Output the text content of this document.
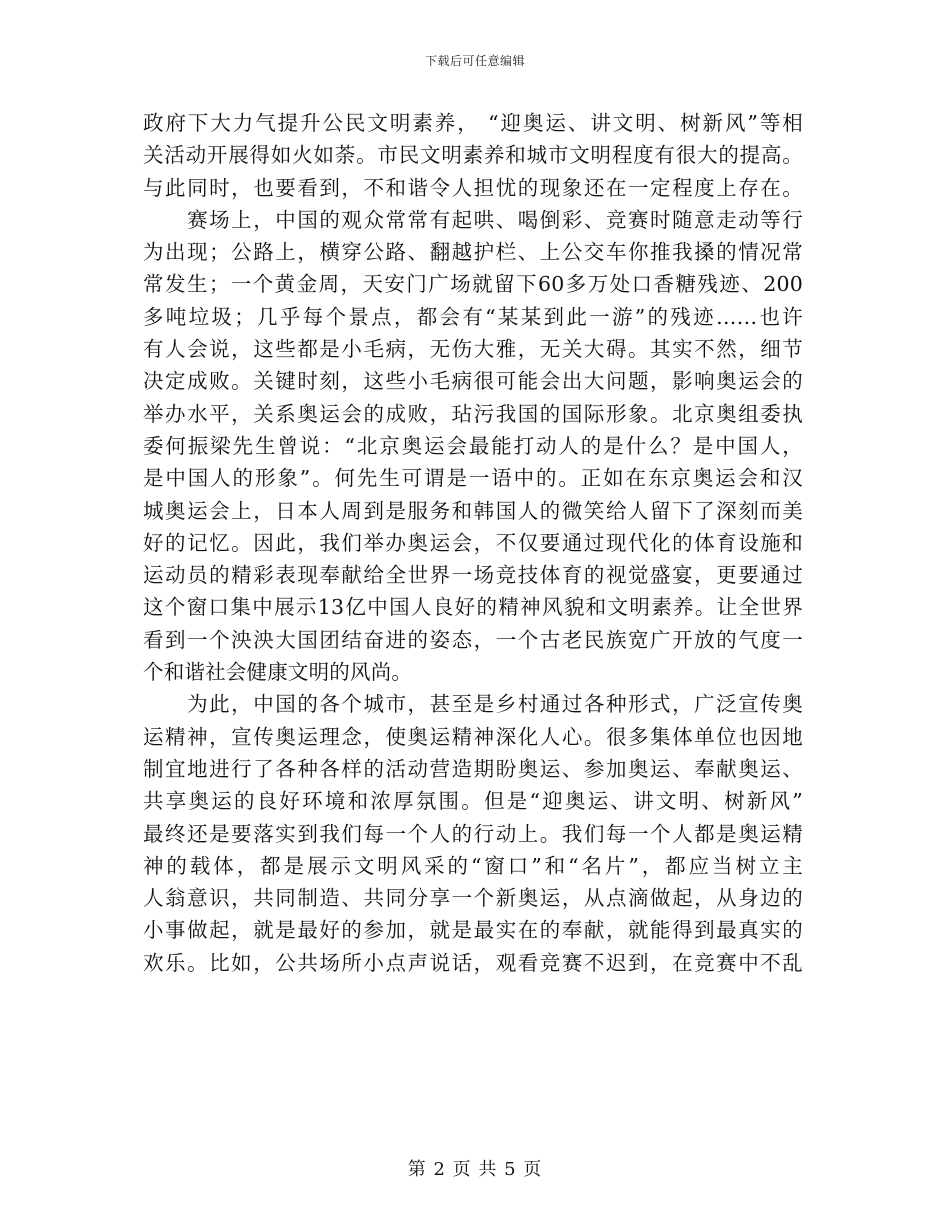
下载后可任意编辑
政府下大力气提升公民文明素养， “迎奥运、讲文明、树新风”等相
关活动开展得如火如荼。市民文明素养和城市文明程度有很大的提高。
与此同时，也要看到，不和谐令人担忧的现象还在一定程度上存在。
　　赛场上，中国的观众常常有起哄、喝倒彩、竞赛时随意走动等行
为出现；公路上，横穿公路、翻越护栏、上公交车你推我搡的情况常
常发生；一个黄金周，天安门广场就留下60多万处口香糖残迹、200
多吨垃圾；几乎每个景点，都会有“某某到此一游”的残迹……也许
有人会说，这些都是小毛病，无伤大雅，无关大碍。其实不然，细节
决定成败。关键时刻，这些小毛病很可能会出大问题，影响奥运会的
举办水平，关系奥运会的成败，玷污我国的国际形象。北京奥组委执
委何振梁先生曾说：“北京奥运会最能打动人的是什么？是中国人，
是中国人的形象”。何先生可谓是一语中的。正如在东京奥运会和汉
城奥运会上，日本人周到是服务和韩国人的微笑给人留下了深刻而美
好的记忆。因此，我们举办奥运会，不仅要通过现代化的体育设施和
运动员的精彩表现奉献给全世界一场竞技体育的视觉盛宴，更要通过
这个窗口集中展示13亿中国人良好的精神风貌和文明素养。让全世界
看到一个泱泱大国团结奋进的姿态，一个古老民族宽广开放的气度一
个和谐社会健康文明的风尚。
　　为此，中国的各个城市，甚至是乡村通过各种形式，广泛宣传奥
运精神，宣传奥运理念，使奥运精神深化人心。很多集体单位也因地
制宜地进行了各种各样的活动营造期盼奥运、参加奥运、奉献奥运、
共享奥运的良好环境和浓厚氛围。但是“迎奥运、讲文明、树新风”
最终还是要落实到我们每一个人的行动上。我们每一个人都是奥运精
神的载体，都是展示文明风采的“窗口”和“名片”，都应当树立主
人翁意识，共同制造、共同分享一个新奥运，从点滴做起，从身边的
小事做起，就是最好的参加，就是最实在的奉献，就能得到最真实的
欢乐。比如，公共场所小点声说话，观看竞赛不迟到，在竞赛中不乱
第 2 页 共 5 页
